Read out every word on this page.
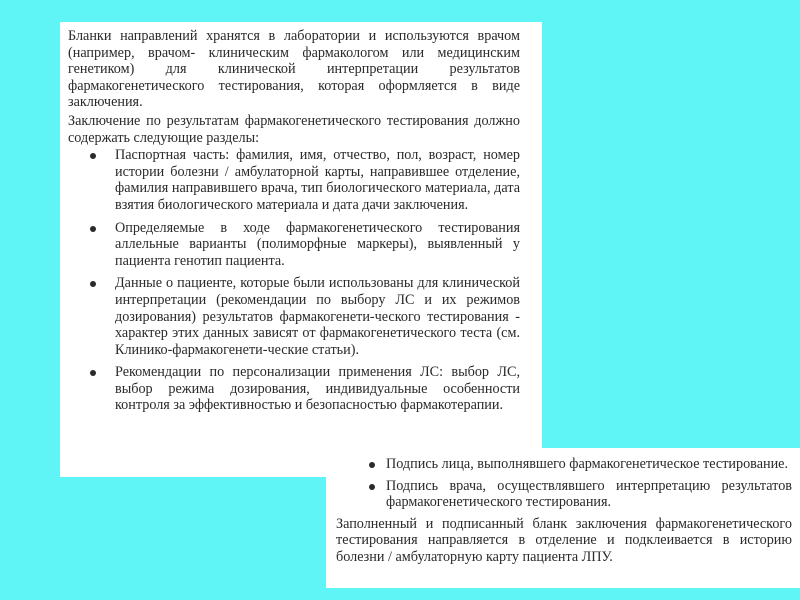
Бланки направлений хранятся в лаборатории и используются врачом (например, врачом- клиническим фармакологом или медицинским генетиком) для клинической интерпретации результатов фармакогенетического тестирования, которая оформляется в виде заключения.

Заключение по результатам фармакогенетического тестирования должно содержать следующие разделы:

Паспортная часть: фамилия, имя, отчество, пол, возраст, номер истории болезни / амбулаторной карты, направившее отделение, фамилия направившего врача, тип биологического материала, дата взятия биологического материала и дата дачи заключения.
Определяемые в ходе фармакогенетического тестирования аллельные варианты (полиморфные маркеры), выявленный у пациента генотип пациента.
Данные о пациенте, которые были использованы для клинической интерпретации (рекомендации по выбору ЛС и их режимов дозирования) результатов фармакогенети-ческого тестирования - характер этих данных зависят от фармакогенетического теста (см. Клинико-фармакогенети-ческие статьи).
Рекомендации по персонализации применения ЛС: выбор ЛС, выбор режима дозирования, индивидуальные особенности контроля за эффективностью и безопасностью фармакотерапии.
Подпись лица, выполнявшего фармакогенетическое тестирование.
Подпись врача, осуществлявшего интерпретацию результатов фармакогенетического тестирования.

Заполненный и подписанный бланк заключения фармакогенетического тестирования направляется в отделение и подклеивается в историю болезни / амбулаторную карту пациента ЛПУ.
